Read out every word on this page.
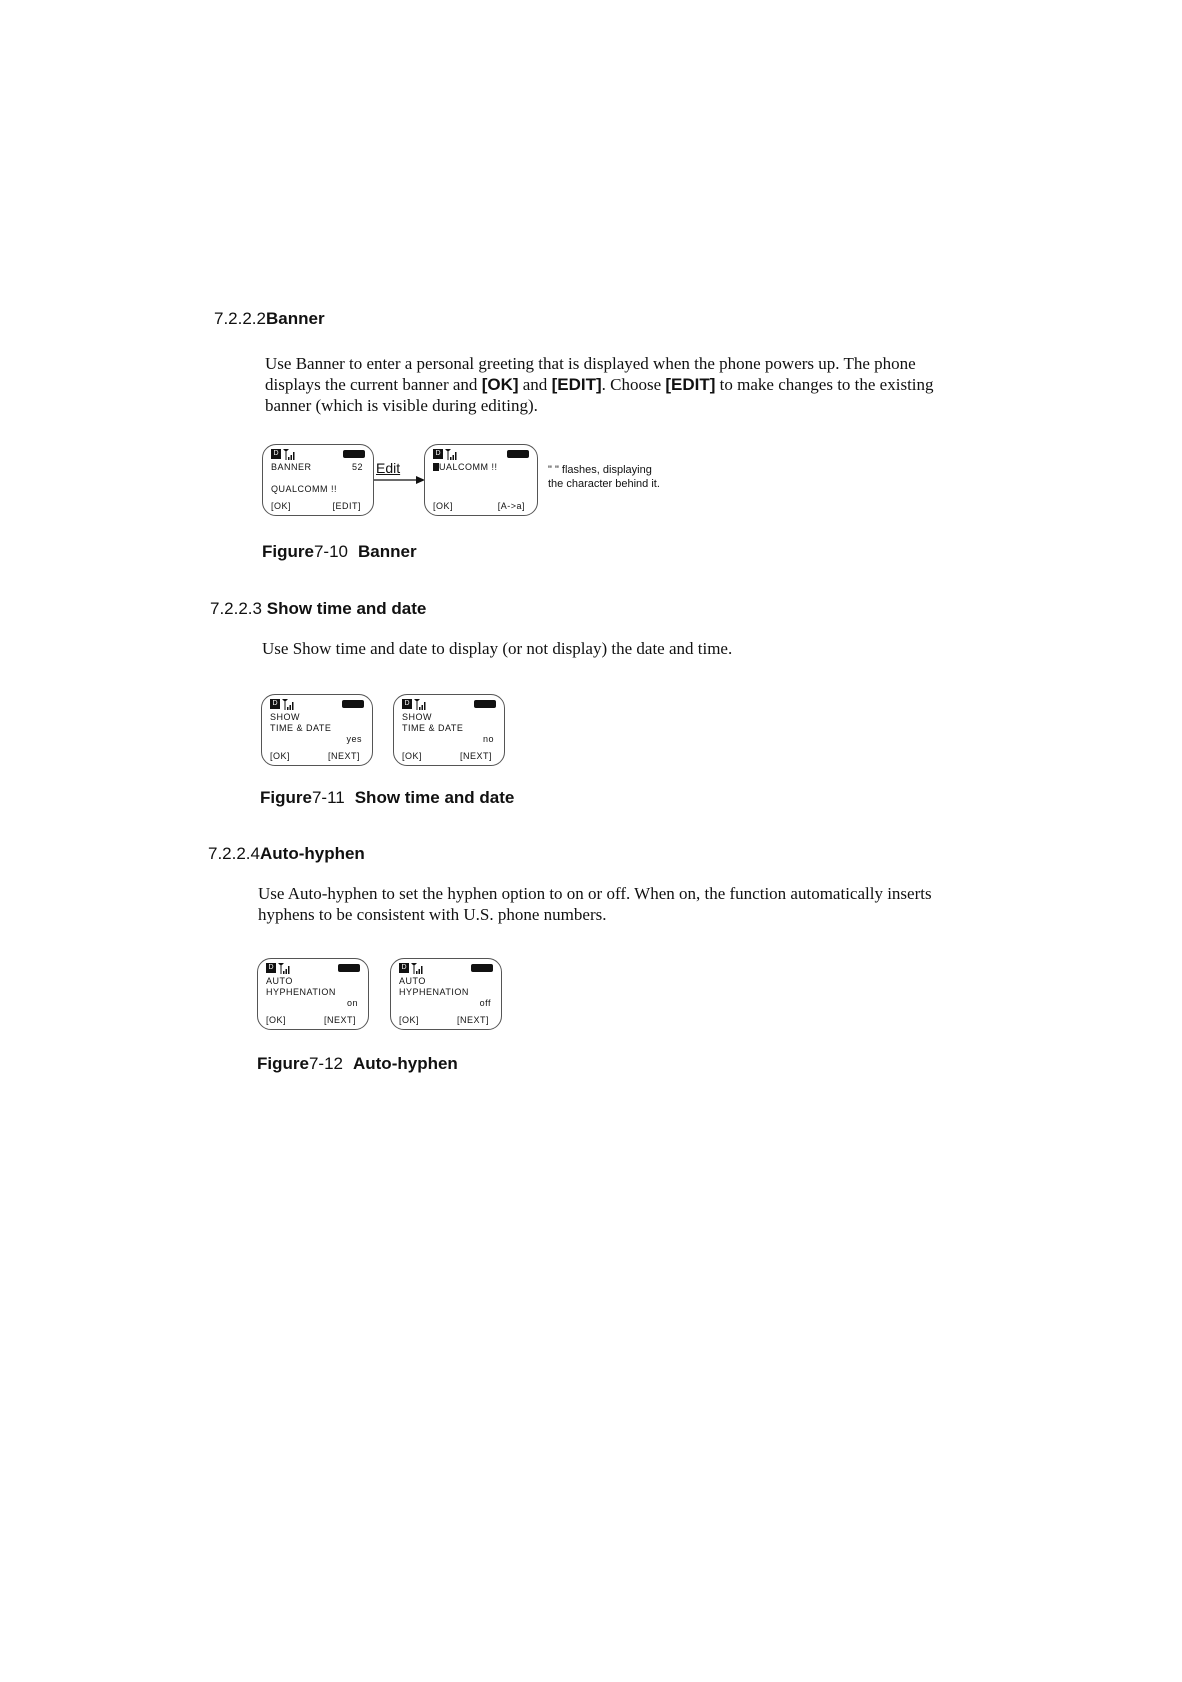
7.2.2.2Banner
Use Banner to enter a personal greeting that is displayed when the phone powers up. The phone
displays the current banner and [OK] and [EDIT]. Choose [EDIT] to make changes to the existing
banner (which is visible during editing).
D
BANNER	52
QUALCOMM !!
[OK]	[EDIT]
Edit
D
UALCOMM !!
[OK]	[A->a]
" " flashes, displaying
the character behind it.
Figure7-10 Banner
7.2.2.3 Show time and date
Use Show time and date to display (or not display) the date and time.
D
SHOW
TIME & DATE
yes
[OK]	[NEXT]
D
SHOW
TIME & DATE
no
[OK]	[NEXT]
Figure7-11 Show time and date
7.2.2.4Auto-hyphen
Use Auto-hyphen to set the hyphen option to on or off. When on, the function automatically inserts
hyphens to be consistent with U.S. phone numbers.
D
AUTO
HYPHENATION
on
[OK]	[NEXT]
D
AUTO
HYPHENATION
off
[OK]	[NEXT]
Figure7-12 Auto-hyphen
